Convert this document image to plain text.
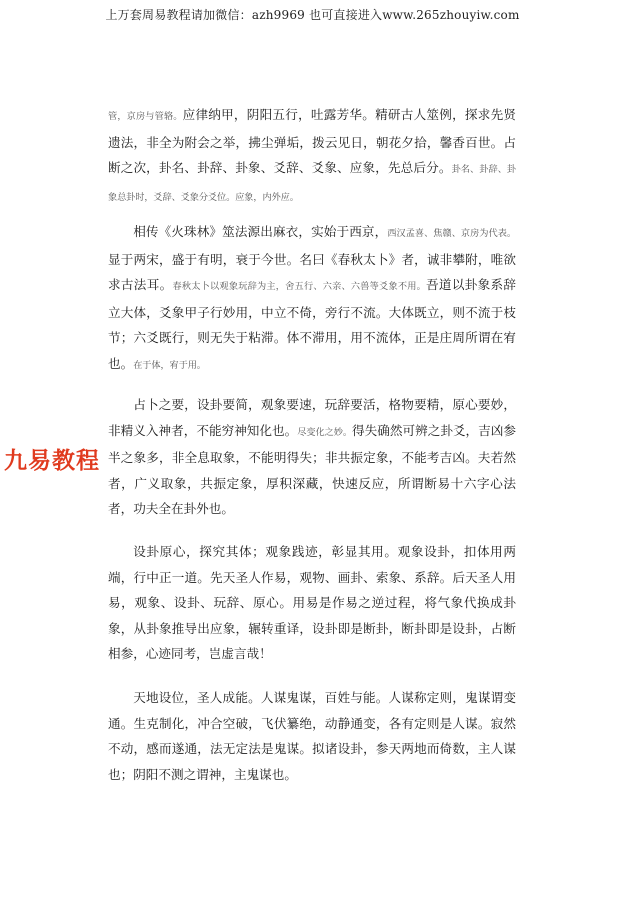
上万套周易教程请加微信：azh9969 也可直接进入www.265zhouyiw.com

管，京房与管辂。应律纳甲，阴阳五行，吐露芳华。精研古人筮例，探求先贤遗法，非全为附会之举，拂尘弹垢，拨云见日，朝花夕拾，馨香百世。占断之次，卦名、卦辞、卦象、爻辞、爻象、应象，先总后分。卦名、卦辞、卦象总卦时，爻辞、爻象分爻位。应象，内外应。

相传《火珠林》筮法源出麻衣，实始于西京，西汉孟喜、焦赣、京房为代表。显于两宋，盛于有明，衰于今世。名曰《春秋太卜》者，诚非攀附，唯欲求古法耳。春秋太卜以观象玩辞为主，舍五行、六亲、六兽等爻象不用。吾道以卦象系辞立大体，爻象甲子行妙用，中立不倚，旁行不流。大体既立，则不流于枝节；六爻既行，则无失于粘滞。体不滞用，用不流体，正是庄周所谓在宥也。在于体，宥于用。

占卜之要，设卦要简，观象要速，玩辞要活，格物要精，原心要妙，非精义入神者，不能穷神知化也。尽变化之妙。得失确然可辨之卦爻，吉凶参半之象多，非全息取象，不能明得失；非共振定象，不能考吉凶。夫若然者，广义取象，共振定象，厚积深藏，快速反应，所谓断易十六字心法者，功夫全在卦外也。

设卦原心，探究其体；观象践迹，彰显其用。观象设卦，扣体用两端，行中正一道。先天圣人作易，观物、画卦、索象、系辞。后天圣人用易，观象、设卦、玩辞、原心。用易是作易之逆过程，将气象代换成卦象，从卦象推导出应象，辗转重译，设卦即是断卦，断卦即是设卦，占断相参，心迹同考，岂虚言哉！

天地设位，圣人成能。人谋鬼谋，百姓与能。人谋称定则，鬼谋谓变通。生克制化，冲合空破，飞伏纂绝，动静通变，各有定则是人谋。寂然不动，感而遂通，法无定法是鬼谋。拟诸设卦，参天两地而倚数，主人谋也；阴阳不测之谓神，主鬼谋也。

九易教程
